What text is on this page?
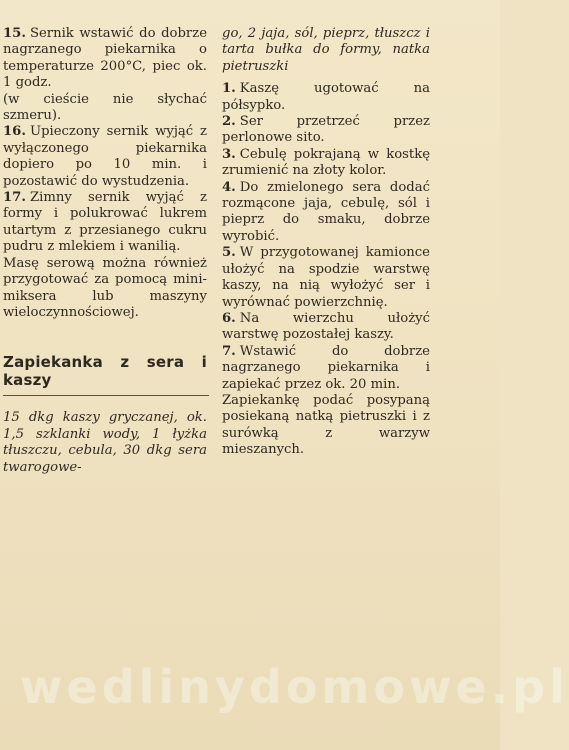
15. Sernik wstawić do dobrze nagrzanego piekarnika o temperaturze 200°C, piec ok. 1 godz.

(w cieście nie słychać szmeru).

16. Upieczony sernik wyjąć z wyłączonego piekarnika dopiero po 10 min. i pozostawić do wystudzenia.

17. Zimny sernik wyjąć z formy i polukrować lukrem utartym z przesianego cukru pudru z mlekiem i wanilią.

Masę serową można również przygotować za pomocą mini-miksera lub maszyny wieloczynnościowej.

Zapiekanka z sera i kaszy

15 dkg kaszy gryczanej, ok. 1,5 szklanki wody, 1 łyżka tłuszczu, cebula, 30 dkg sera twarogowe-

go, 2 jaja, sól, pieprz, tłuszcz i tarta bułka do formy, natka pietruszki

1. Kaszę ugotować na półsypko.

2. Ser przetrzeć przez perlonowe sito.

3. Cebulę pokrajaną w kostkę zrumienić na złoty kolor.

4. Do zmielonego sera dodać rozmącone jaja, cebulę, sól i pieprz do smaku, dobrze wyrobić.

5. W przygotowanej kamionce ułożyć na spodzie warstwę kaszy, na nią wyłożyć ser i wyrównać powierzchnię.

6. Na wierzchu ułożyć warstwę pozostałej kaszy.

7. Wstawić do dobrze nagrzanego piekarnika i zapiekać przez ok. 20 min.

Zapiekankę podać posypaną posiekaną natką pietruszki i z surówką z warzyw mieszanych.

wedlinydomowe.pl
